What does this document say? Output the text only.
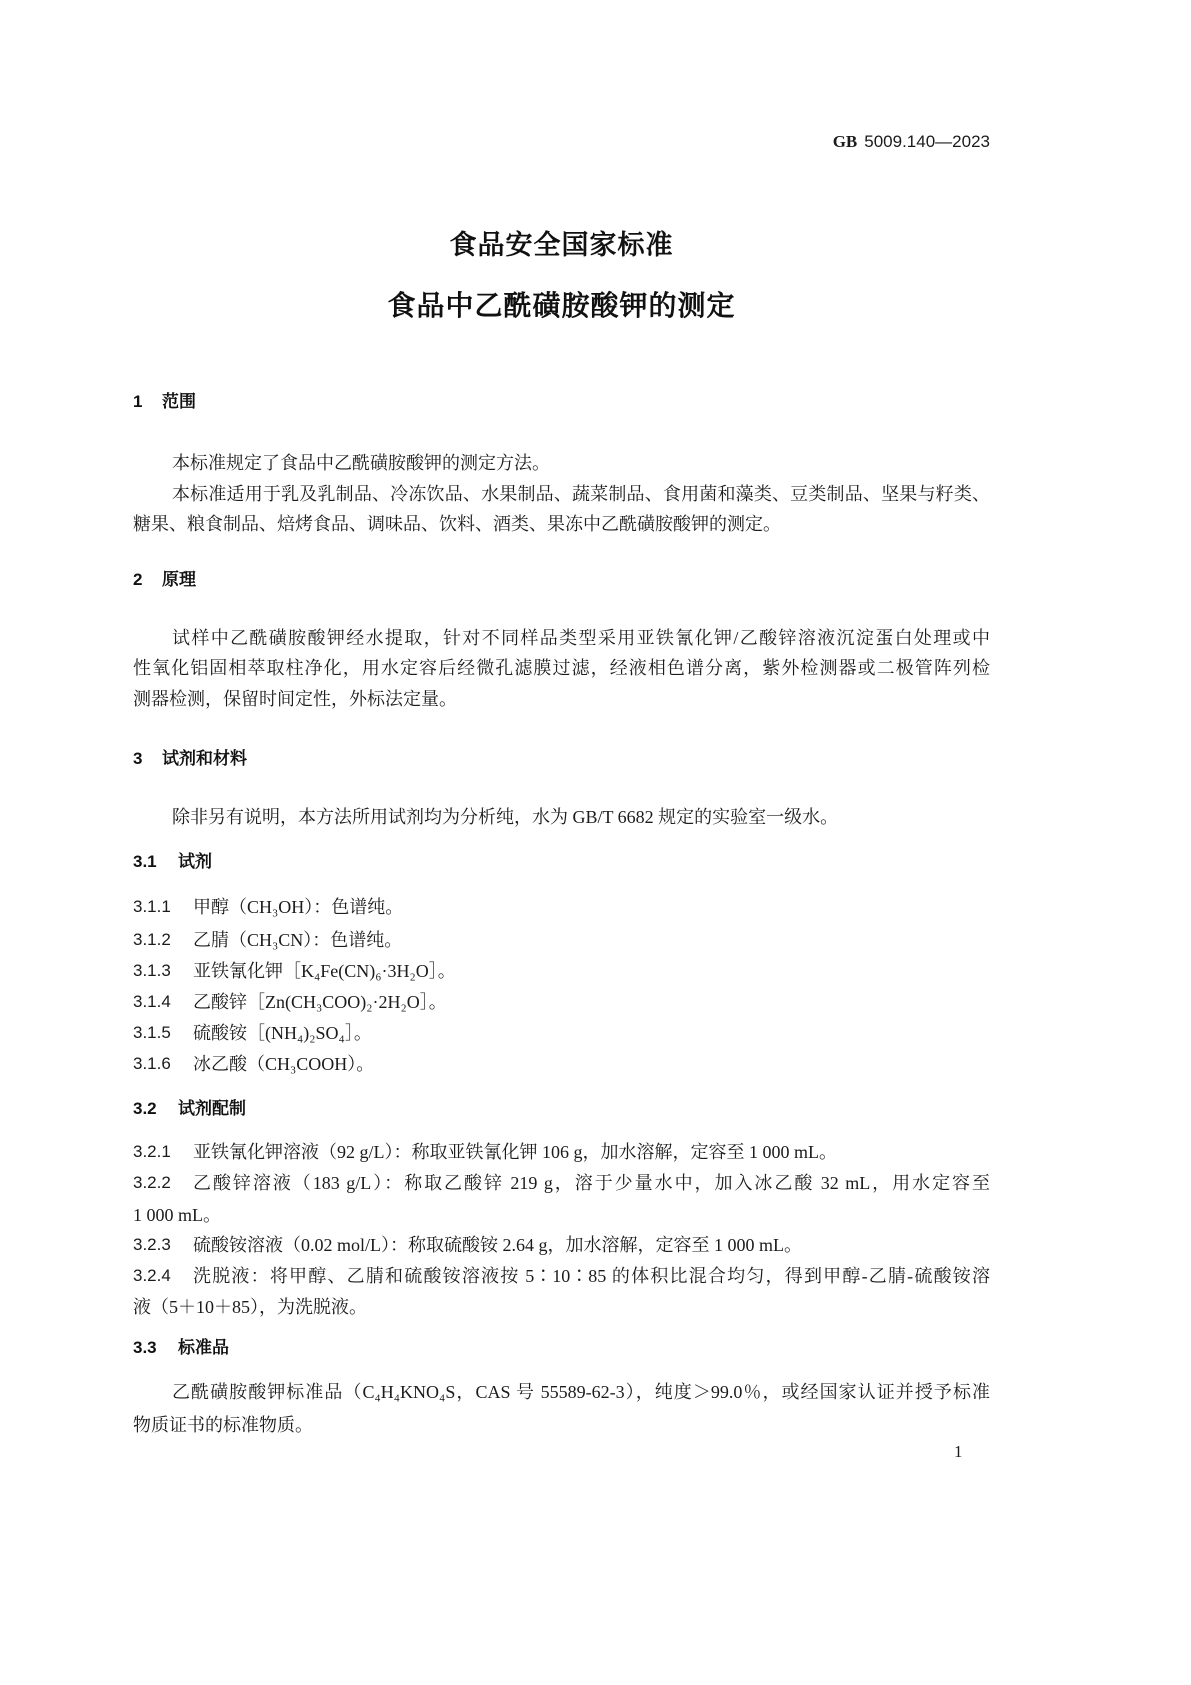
GB 5009.140—2023
食品安全国家标准
食品中乙酰磺胺酸钾的测定
1 范围
本标准规定了食品中乙酰磺胺酸钾的测定方法。
本标准适用于乳及乳制品、冷冻饮品、水果制品、蔬菜制品、食用菌和藻类、豆类制品、坚果与籽类、
糖果、粮食制品、焙烤食品、调味品、饮料、酒类、果冻中乙酰磺胺酸钾的测定。
2 原理
试样中乙酰磺胺酸钾经水提取，针对不同样品类型采用亚铁氰化钾/乙酸锌溶液沉淀蛋白处理或中
性氧化铝固相萃取柱净化，用水定容后经微孔滤膜过滤，经液相色谱分离，紫外检测器或二极管阵列检
测器检测，保留时间定性，外标法定量。
3 试剂和材料
除非另有说明，本方法所用试剂均为分析纯，水为 GB/T 6682 规定的实验室一级水。
3.1 试剂
3.1.1 甲醇（CH₃OH）：色谱纯。
3.1.2 乙腈（CH₃CN）：色谱纯。
3.1.3 亚铁氰化钾［K₄Fe(CN)₆·3H₂O］。
3.1.4 乙酸锌［Zn(CH₃COO)₂·2H₂O］。
3.1.5 硫酸铵［(NH₄)₂SO₄］。
3.1.6 冰乙酸（CH₃COOH）。
3.2 试剂配制
3.2.1 亚铁氰化钾溶液（92 g/L）：称取亚铁氰化钾 106 g，加水溶解，定容至 1 000 mL。
3.2.2 乙酸锌溶液（183 g/L）：称取乙酸锌 219 g，溶于少量水中，加入冰乙酸 32 mL，用水定容至
1 000 mL。
3.2.3 硫酸铵溶液（0.02 mol/L）：称取硫酸铵 2.64 g，加水溶解，定容至 1 000 mL。
3.2.4 洗脱液：将甲醇、乙腈和硫酸铵溶液按 5∶10∶85 的体积比混合均匀，得到甲醇-乙腈-硫酸铵溶
液（5＋10＋85），为洗脱液。
3.3 标准品
乙酰磺胺酸钾标准品（C₄H₄KNO₄S，CAS 号 55589-62-3），纯度＞99.0％，或经国家认证并授予标准
物质证书的标准物质。
1
